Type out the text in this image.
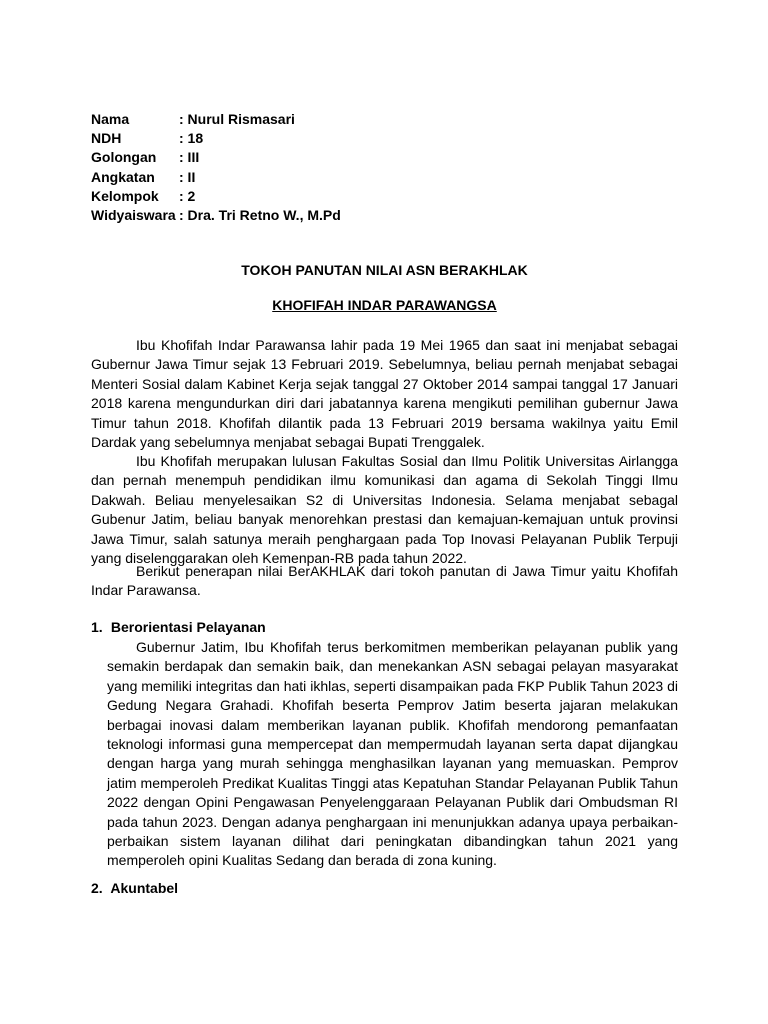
Nama	: Nurul Rismasari
NDH	: 18
Golongan	: III
Angkatan	: II
Kelompok	: 2
Widyaiswara : Dra. Tri Retno W., M.Pd
TOKOH PANUTAN NILAI ASN BERAKHLAK
KHOFIFAH INDAR PARAWANGSA

Ibu Khofifah Indar Parawansa lahir pada 19 Mei 1965 dan saat ini menjabat sebagai Gubernur Jawa Timur sejak 13 Februari 2019. Sebelumnya, beliau pernah menjabat sebagai Menteri Sosial dalam Kabinet Kerja sejak tanggal 27 Oktober 2014 sampai tanggal 17 Januari 2018 karena mengundurkan diri dari jabatannya karena mengikuti pemilihan gubernur Jawa Timur tahun 2018. Khofifah dilantik pada 13 Februari 2019 bersama wakilnya yaitu Emil Dardak yang sebelumnya menjabat sebagai Bupati Trenggalek.

Ibu Khofifah merupakan lulusan Fakultas Sosial dan Ilmu Politik Universitas Airlangga dan pernah menempuh pendidikan ilmu komunikasi dan agama di Sekolah Tinggi Ilmu Dakwah. Beliau menyelesaikan S2 di Universitas Indonesia. Selama menjabat sebagal Gubenur Jatim, beliau banyak menorehkan prestasi dan kemajuan-kemajuan untuk provinsi Jawa Timur, salah satunya meraih penghargaan pada Top Inovasi Pelayanan Publik Terpuji yang diselenggarakan oleh Kemenpan-RB pada tahun 2022.

Berikut penerapan nilai BerAKHLAK dari tokoh panutan di Jawa Timur yaitu Khofifah Indar Parawansa.

1. Berorientasi Pelayanan

Gubernur Jatim, Ibu Khofifah terus berkomitmen memberikan pelayanan publik yang semakin berdapak dan semakin baik, dan menekankan ASN sebagai pelayan masyarakat yang memiliki integritas dan hati ikhlas, seperti disampaikan pada FKP Publik Tahun 2023 di Gedung Negara Grahadi. Khofifah beserta Pemprov Jatim beserta jajaran melakukan berbagai inovasi dalam memberikan layanan publik. Khofifah mendorong pemanfaatan teknologi informasi guna mempercepat dan mempermudah layanan serta dapat dijangkau dengan harga yang murah sehingga menghasilkan layanan yang memuaskan. Pemprov jatim memperoleh Predikat Kualitas Tinggi atas Kepatuhan Standar Pelayanan Publik Tahun 2022 dengan Opini Pengawasan Penyelenggaraan Pelayanan Publik dari Ombudsman RI pada tahun 2023. Dengan adanya penghargaan ini menunjukkan adanya upaya perbaikan-perbaikan sistem layanan dilihat dari peningkatan dibandingkan tahun 2021 yang memperoleh opini Kualitas Sedang dan berada di zona kuning.

2. Akuntabel
